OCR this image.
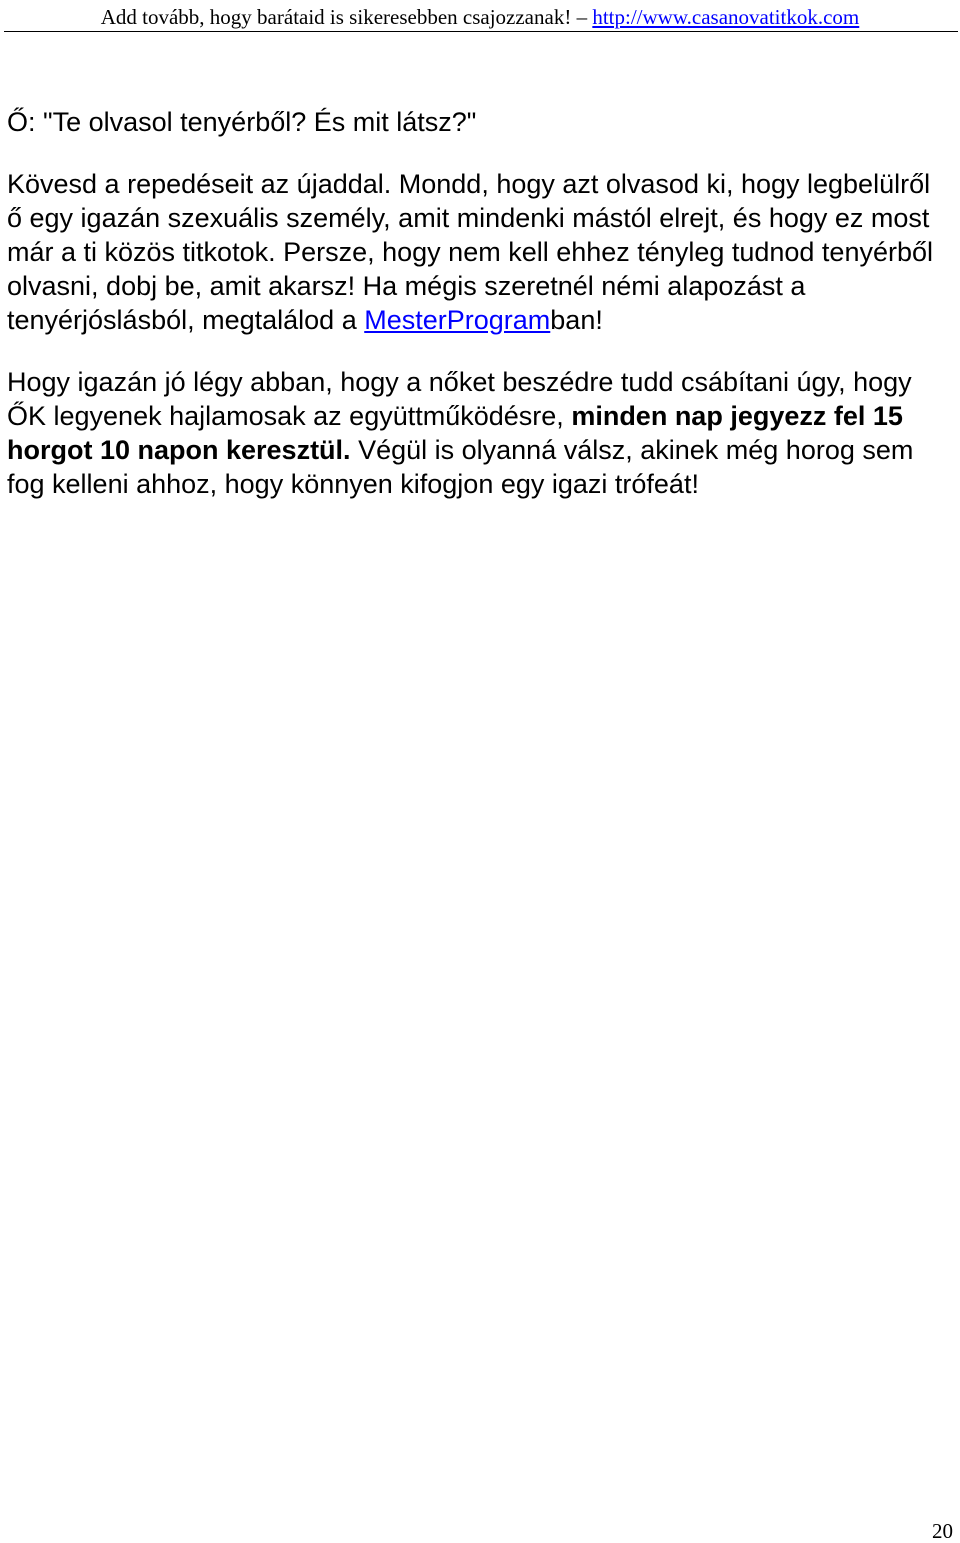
Add tovább, hogy barátaid is sikeresebben csajozzanak! – http://www.casanovatitkok.com

Ő: "Te olvasol tenyérből? És mit látsz?"

Kövesd a repedéseit az újaddal. Mondd, hogy azt olvasod ki, hogy legbelülről ő egy igazán szexuális személy, amit mindenki mástól elrejt, és hogy ez most már a ti közös titkotok. Persze, hogy nem kell ehhez tényleg tudnod tenyérből olvasni, dobj be, amit akarsz! Ha mégis szeretnél némi alapozást a tenyérjóslásból, megtalálod a MesterProgramban!

Hogy igazán jó légy abban, hogy a nőket beszédre tudd csábítani úgy, hogy ŐK legyenek hajlamosak az együttműködésre, minden nap jegyezz fel 15 horgot 10 napon keresztül. Végül is olyanná válsz, akinek még horog sem fog kelleni ahhoz, hogy könnyen kifogjon egy igazi trófeát!

20
